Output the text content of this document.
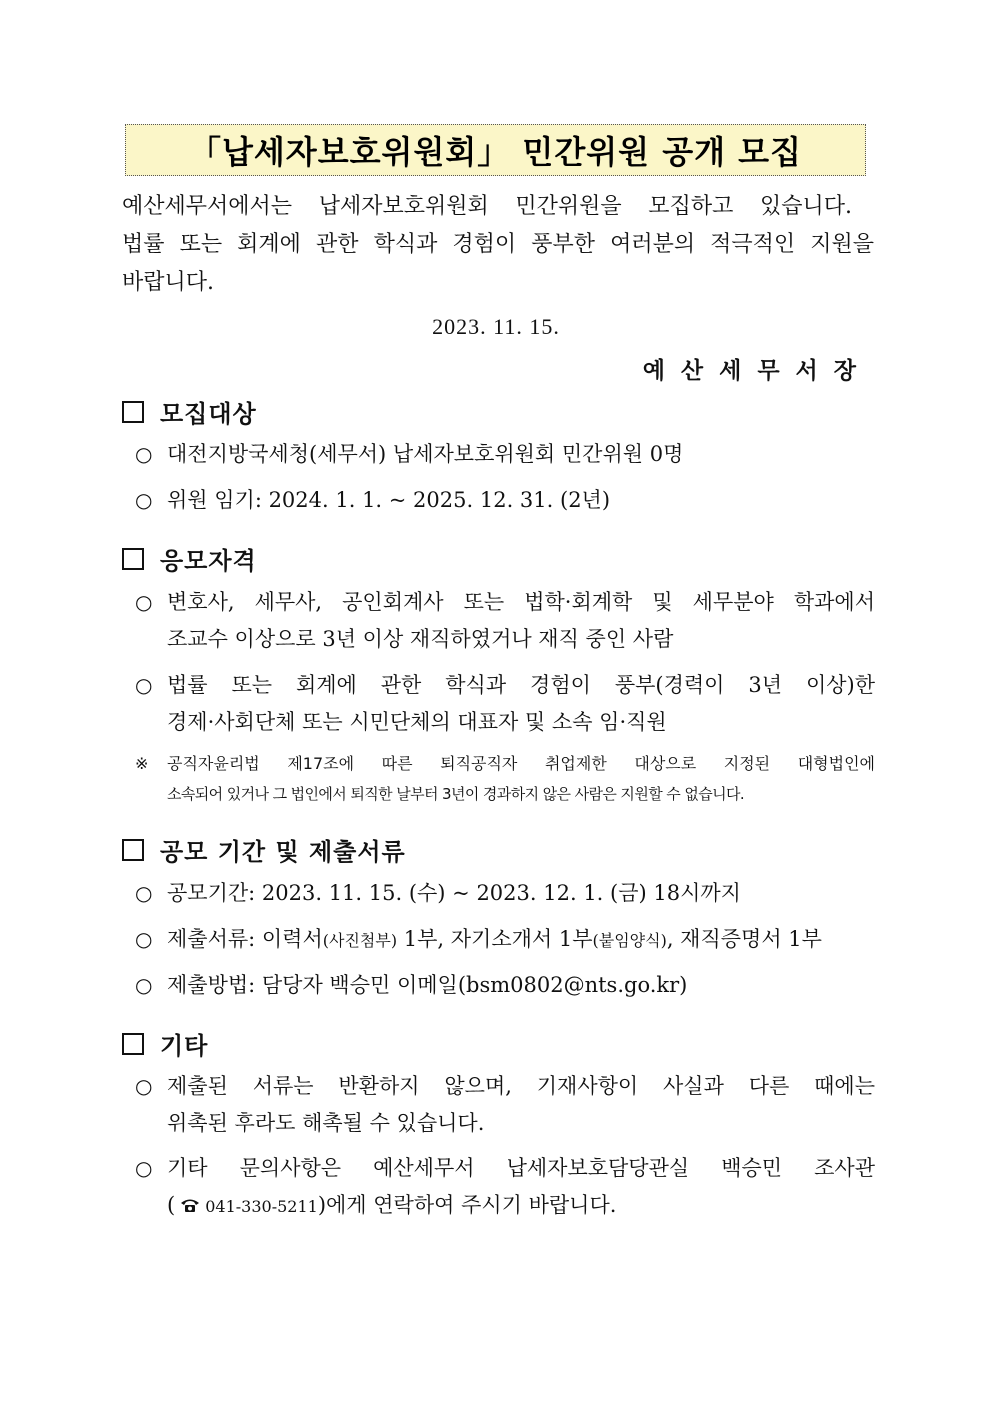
「납세자보호위원회」 민간위원 공개 모집

예산세무서에서는 납세자보호위원회 민간위원을 모집하고 있습니다.

법률 또는 회계에 관한 학식과 경험이 풍부한 여러분의 적극적인 지원을

바랍니다.

2023. 11. 15.
예산세무서장
모집대상
○ 대전지방국세청(세무서) 납세자보호위원회 민간위원 0명
○ 위원 임기: 2024. 1. 1. ~ 2025. 12. 31. (2년)
응모자격
○ 변호사, 세무사, 공인회계사 또는 법학·회계학 및 세무분야 학과에서
조교수 이상으로 3년 이상 재직하였거나 재직 중인 사람
○ 법률 또는 회계에 관한 학식과 경험이 풍부(경력이 3년 이상)한
경제·사회단체 또는 시민단체의 대표자 및 소속 임·직원
※ 공직자윤리법 제17조에 따른 퇴직공직자 취업제한 대상으로 지정된 대형법인에
소속되어 있거나 그 법인에서 퇴직한 날부터 3년이 경과하지 않은 사람은 지원할 수 없습니다.
공모 기간 및 제출서류
○ 공모기간: 2023. 11. 15. (수) ~ 2023. 12. 1. (금) 18시까지
○ 제출서류: 이력서(사진첨부) 1부, 자기소개서 1부(붙임양식), 재직증명서 1부
○ 제출방법: 담당자 백승민 이메일(bsm0802@nts.go.kr)
기타
○ 제출된 서류는 반환하지 않으며, 기재사항이 사실과 다른 때에는
위촉된 후라도 해촉될 수 있습니다.
○ 기타 문의사항은 예산세무서 납세자보호담당관실 백승민 조사관
( 041-330-5211)에게 연락하여 주시기 바랍니다.
